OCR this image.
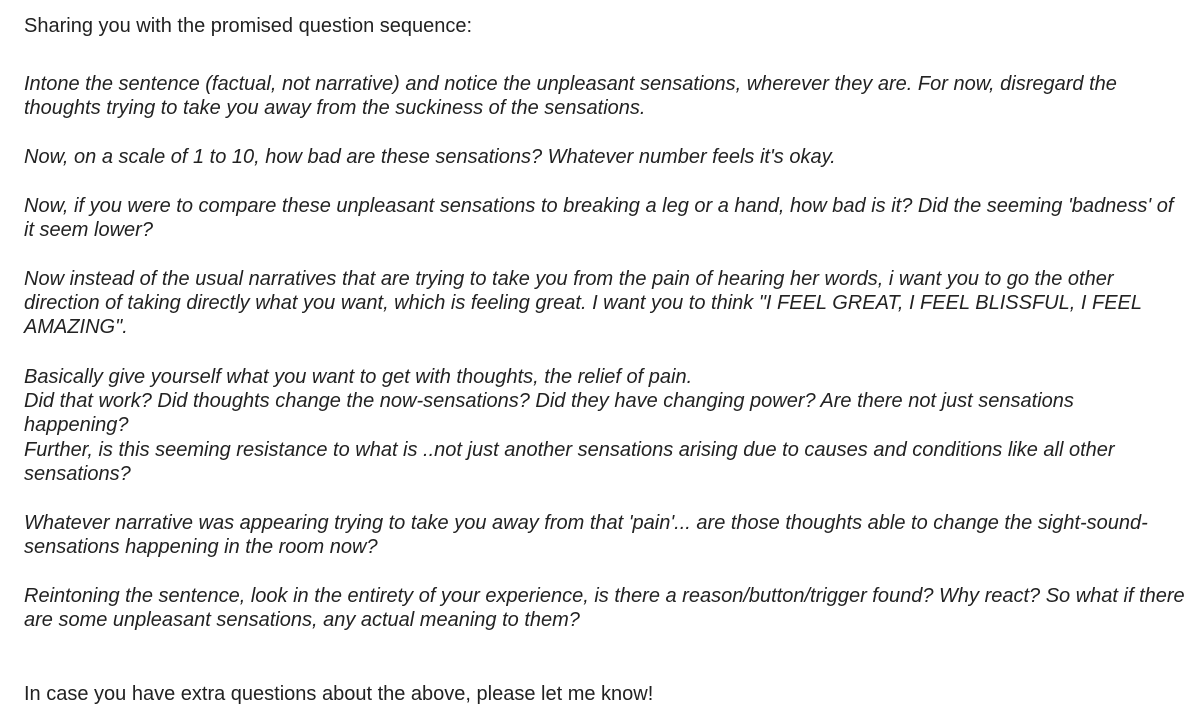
Sharing you with the promised question sequence:
Intone the sentence (factual, not narrative) and notice the unpleasant sensations, wherever they are. For now, disregard the
thoughts trying to take you away from the suckiness of the sensations.
Now, on a scale of 1 to 10, how bad are these sensations? Whatever number feels it's okay.
Now, if you were to compare these unpleasant sensations to breaking a leg or a hand, how bad is it? Did the seeming 'badness' of
it seem lower?
Now instead of the usual narratives that are trying to take you from the pain of hearing her words, i want you to go the other
direction of taking directly what you want, which is feeling great. I want you to think "I FEEL GREAT, I FEEL BLISSFUL, I FEEL
AMAZING".
Basically give yourself what you want to get with thoughts, the relief of pain.
Did that work? Did thoughts change the now-sensations? Did they have changing power? Are there not just sensations
happening?
Further, is this seeming resistance to what is ..not just another sensations arising due to causes and conditions like all other
sensations?
Whatever narrative was appearing trying to take you away from that 'pain'... are those thoughts able to change the sight-sound-
sensations happening in the room now?
Reintoning the sentence, look in the entirety of your experience, is there a reason/button/trigger found? Why react? So what if there
are some unpleasant sensations, any actual meaning to them?
In case you have extra questions about the above, please let me know!
